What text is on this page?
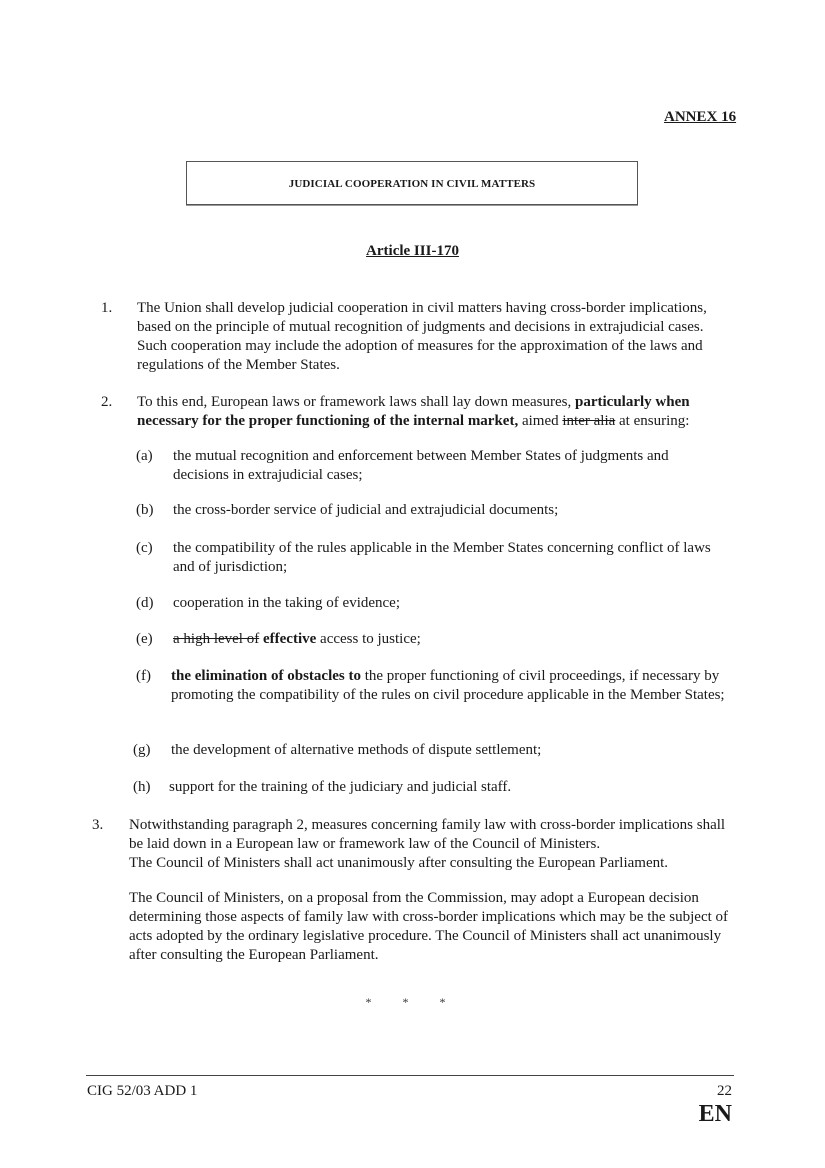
ANNEX 16
JUDICIAL COOPERATION IN CIVIL MATTERS
Article III-170
1. The Union shall develop judicial cooperation in civil matters having cross-border implications, based on the principle of mutual recognition of judgments and decisions in extrajudicial cases. Such cooperation may include the adoption of measures for the approximation of the laws and regulations of the Member States.
2. To this end, European laws or framework laws shall lay down measures, particularly when necessary for the proper functioning of the internal market, aimed inter alia at ensuring:
(a) the mutual recognition and enforcement between Member States of judgments and decisions in extrajudicial cases;
(b) the cross-border service of judicial and extrajudicial documents;
(c) the compatibility of the rules applicable in the Member States concerning conflict of laws and of jurisdiction;
(d) cooperation in the taking of evidence;
(e) a high level of effective access to justice;
(f) the elimination of obstacles to the proper functioning of civil proceedings, if necessary by promoting the compatibility of the rules on civil procedure applicable in the Member States;
(g) the development of alternative methods of dispute settlement;
(h) support for the training of the judiciary and judicial staff.
3. Notwithstanding paragraph 2, measures concerning family law with cross-border implications shall be laid down in a European law or framework law of the Council of Ministers.
The Council of Ministers shall act unanimously after consulting the European Parliament.
The Council of Ministers, on a proposal from the Commission, may adopt a European decision determining those aspects of family law with cross-border implications which may be the subject of acts adopted by the ordinary legislative procedure. The Council of Ministers shall act unanimously after consulting the European Parliament.
* * *
CIG 52/03 ADD 1	22
EN
